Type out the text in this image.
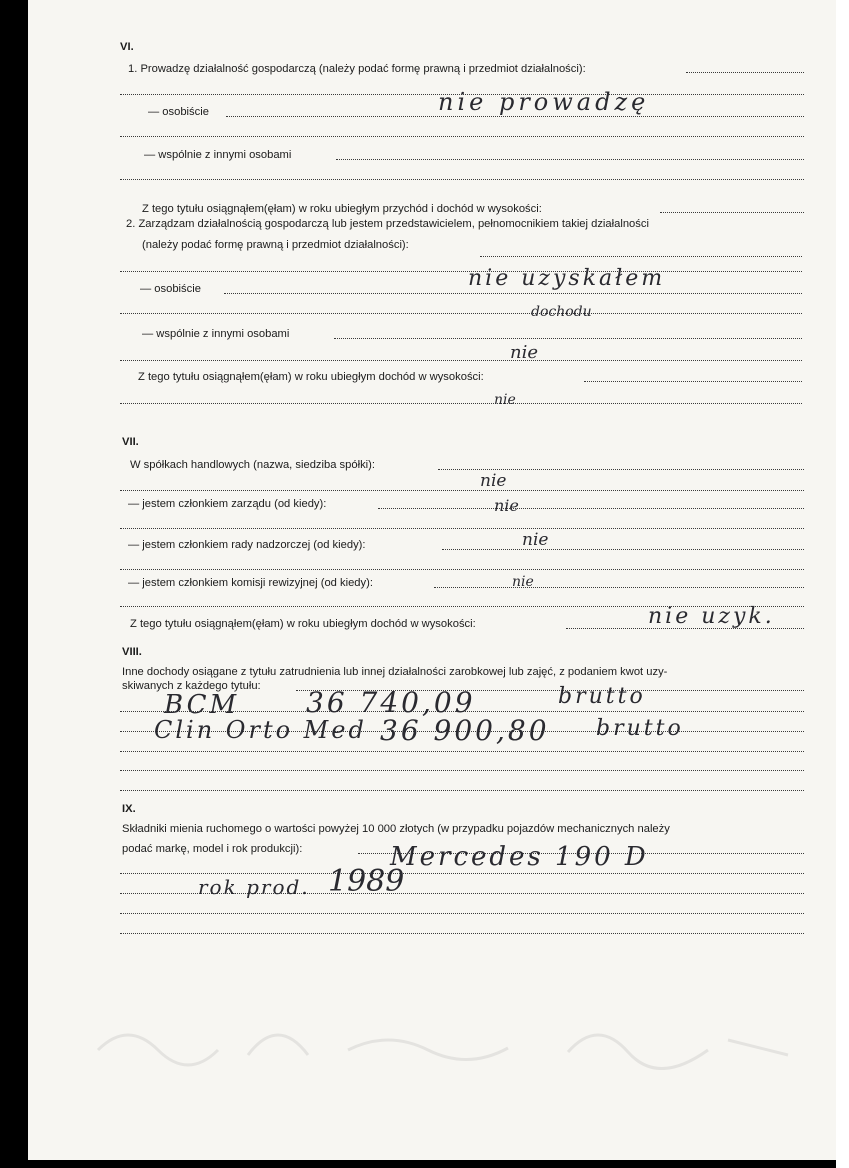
VI.
1. Prowadzę działalność gospodarczą (należy podać formę prawną i przedmiot działalności):
— osobiście	nie prowadzę
— wspólnie z innymi osobami
Z tego tytułu osiągnąłem(ęłam) w roku ubiegłym przychód i dochód w wysokości:
2. Zarządzam działalnością gospodarczą lub jestem przedstawicielem, pełnomocnikiem takiej działalności
(należy podać formę prawną i przedmiot działalności):
— osobiście	nie uzyskałem
dochodu
— wspólnie z innymi osobami
nie
Z tego tytułu osiągnąłem(ęłam) w roku ubiegłym dochód w wysokości:
nie
VII.
W spółkach handlowych (nazwa, siedziba spółki):
nie
— jestem członkiem zarządu (od kiedy):	nie
— jestem członkiem rady nadzorczej (od kiedy):	nie
— jestem członkiem komisji rewizyjnej (od kiedy):	nie
Z tego tytułu osiągnąłem(ęłam) w roku ubiegłym dochód w wysokości:	nie uzyk.
VIII.
Inne dochody osiągane z tytułu zatrudnienia lub innej działalności zarobkowej lub zajęć, z podaniem kwot uzy-
skiwanych z każdego tytułu:
BCM 36 740,09	brutto
Clin Orto Med 36 900,80 brutto
IX.
Składniki mienia ruchomego o wartości powyżej 10 000 złotych (w przypadku pojazdów mechanicznych należy
podać markę, model i rok produkcji):	Mercedes 190 D
rok prod. 1989
